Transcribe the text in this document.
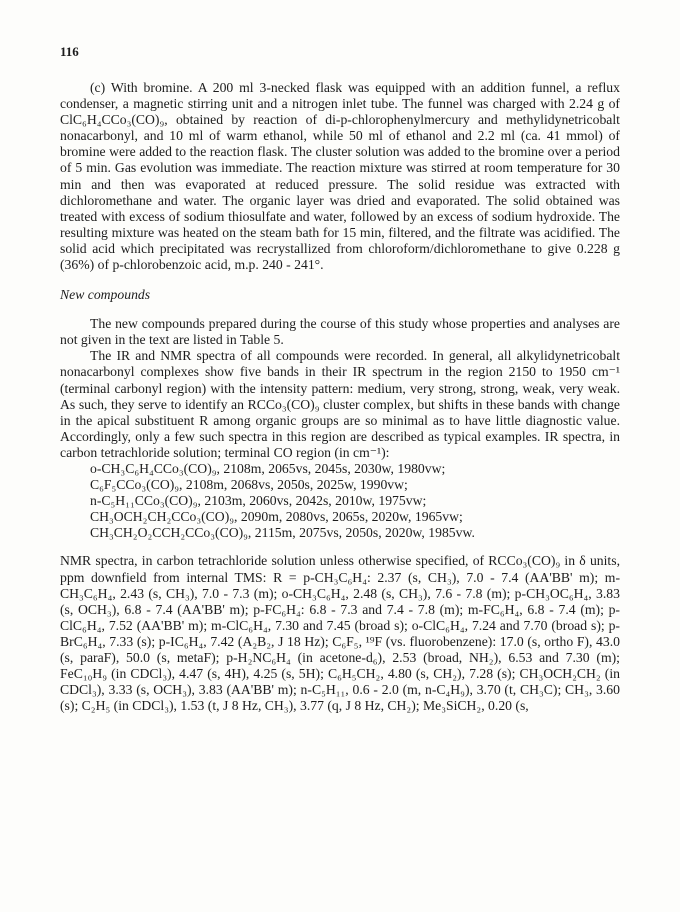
116

(c) With bromine. A 200 ml 3-necked flask was equipped with an addition funnel, a reflux condenser, a magnetic stirring unit and a nitrogen inlet tube. The funnel was charged with 2.24 g of ClC₆H₄CCo₃(CO)₉, obtained by reaction of di-p-chlorophenylmercury and methylidynetricobalt nonacarbonyl, and 10 ml of warm ethanol, while 50 ml of ethanol and 2.2 ml (ca. 41 mmol) of bromine were added to the reaction flask. The cluster solution was added to the bromine over a period of 5 min. Gas evolution was immediate. The reaction mixture was stirred at room temperature for 30 min and then was evaporated at reduced pressure. The solid residue was extracted with dichloromethane and water. The organic layer was dried and evaporated. The solid obtained was treated with excess of sodium thiosulfate and water, followed by an excess of sodium hydroxide. The resulting mixture was heated on the steam bath for 15 min, filtered, and the filtrate was acidified. The solid acid which precipitated was recrystallized from chloroform/dichloromethane to give 0.228 g (36%) of p-chlorobenzoic acid, m.p. 240 - 241°.

New compounds

The new compounds prepared during the course of this study whose properties and analyses are not given in the text are listed in Table 5.

The IR and NMR spectra of all compounds were recorded. In general, all alkylidynetricobalt nonacarbonyl complexes show five bands in their IR spectrum in the region 2150 to 1950 cm⁻¹ (terminal carbonyl region) with the intensity pattern: medium, very strong, strong, weak, very weak. As such, they serve to identify an RCCo₃(CO)₉ cluster complex, but shifts in these bands with change in the apical substituent R among organic groups are so minimal as to have little diagnostic value. Accordingly, only a few such spectra in this region are described as typical examples. IR spectra, in carbon tetrachloride solution; terminal CO region (in cm⁻¹):

o-CH₃C₆H₄CCo₃(CO)₉, 2108m, 2065vs, 2045s, 2030w, 1980vw;
C₆F₅CCo₃(CO)₉, 2108m, 2068vs, 2050s, 2025w, 1990vw;
n-C₅H₁₁CCo₃(CO)₉, 2103m, 2060vs, 2042s, 2010w, 1975vw;
CH₃OCH₂CH₂CCo₃(CO)₉, 2090m, 2080vs, 2065s, 2020w, 1965vw;
CH₃CH₂O₂CCH₂CCo₃(CO)₉, 2115m, 2075vs, 2050s, 2020w, 1985vw.

NMR spectra, in carbon tetrachloride solution unless otherwise specified, of RCCo₃(CO)₉ in δ units, ppm downfield from internal TMS: R = p-CH₃C₆H₄: 2.37 (s, CH₃), 7.0 - 7.4 (AA'BB' m); m-CH₃C₆H₄, 2.43 (s, CH₃), 7.0 - 7.3 (m); o-CH₃C₆H₄, 2.48 (s, CH₃), 7.6 - 7.8 (m); p-CH₃OC₆H₄, 3.83 (s, OCH₃), 6.8 - 7.4 (AA'BB' m); p-FC₆H₄: 6.8 - 7.3 and 7.4 - 7.8 (m); m-FC₆H₄, 6.8 - 7.4 (m); p-ClC₆H₄, 7.52 (AA'BB' m); m-ClC₆H₄, 7.30 and 7.45 (broad s); o-ClC₆H₄, 7.24 and 7.70 (broad s); p-BrC₆H₄, 7.33 (s); p-IC₆H₄, 7.42 (A₂B₂, J 18 Hz); C₆F₅, ¹⁹F (vs. fluorobenzene): 17.0 (s, ortho F), 43.0 (s, paraF), 50.0 (s, metaF); p-H₂NC₆H₄ (in acetone-d₆), 2.53 (broad, NH₂), 6.53 and 7.30 (m); FeC₁₀H₉ (in CDCl₃), 4.47 (s, 4H), 4.25 (s, 5H); C₆H₅CH₂, 4.80 (s, CH₂), 7.28 (s); CH₃OCH₂CH₂ (in CDCl₃), 3.33 (s, OCH₃), 3.83 (AA'BB' m); n-C₅H₁₁, 0.6 - 2.0 (m, n-C₄H₉), 3.70 (t, CH₃C); CH₃, 3.60 (s); C₂H₅ (in CDCl₃), 1.53 (t, J 8 Hz, CH₃), 3.77 (q, J 8 Hz, CH₂); Me₃SiCH₂, 0.20 (s,
